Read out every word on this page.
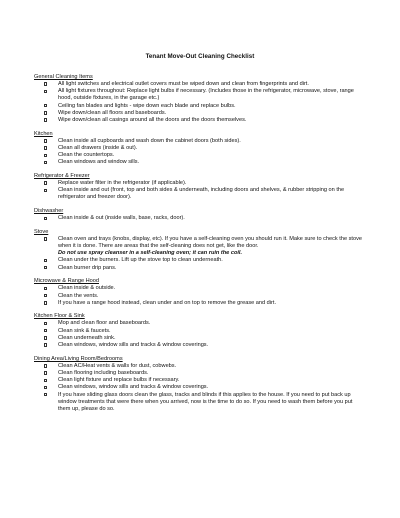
Tenant Move-Out Cleaning Checklist
General Cleaning Items
All light switches and electrical outlet covers must be wiped down and clean from fingerprints and dirt.
All light fixtures throughout: Replace light bulbs if necessary. (Includes those in the refrigerator, microwave, stove, range hood, outside fixtures, in the garage etc.)
Ceiling fan blades and lights - wipe down each blade and replace bulbs.
Wipe down/clean all floors and baseboards.
Wipe down/clean all casings around all the doors and the doors themselves.
Kitchen
Clean inside all cupboards and wash down the cabinet doors (both sides).
Clean all drawers (inside & out).
Clean the countertops.
Clean windows and window sills.
Refrigerator & Freezer
Replace water filter in the refrigerator (if applicable).
Clean inside and out (front, top and both sides & underneath, including doors and shelves, & rubber stripping on the refrigerator and freezer door).
Dishwasher
Clean inside & out (inside walls, base, racks, door).
Stove
Clean oven and trays (knobs, display, etc). If you have a self-cleaning oven you should run it. Make sure to check the stove when it is done. There are areas that the self-cleaning does not get, like the door.
Do not use spray cleanser in a self-cleaning oven; it can ruin the coil.
Clean under the burners. Lift up the stove top to clean underneath.
Clean burner drip pans.
Microwave & Range Hood
Clean inside & outside.
Clean the vents.
If you have a range hood instead, clean under and on top to remove the grease and dirt.
Kitchen Floor & Sink
Mop and clean floor and baseboards.
Clean sink & faucets.
Clean underneath sink.
Clean windows, window sills and tracks & window coverings.
Dining Area/Living Room/Bedrooms
Clean AC/Heat vents & walls for dust, cobwebs.
Clean flooring including baseboards.
Clean light fixture and replace bulbs if necessary.
Clean windows, window sills and tracks & window coverings.
If you have sliding glass doors clean the glass, tracks and blinds if this applies to the house. If you need to put back up window treatments that were there when you arrived, now is the time to do so. If you need to wash them before you put them up, please do so.
